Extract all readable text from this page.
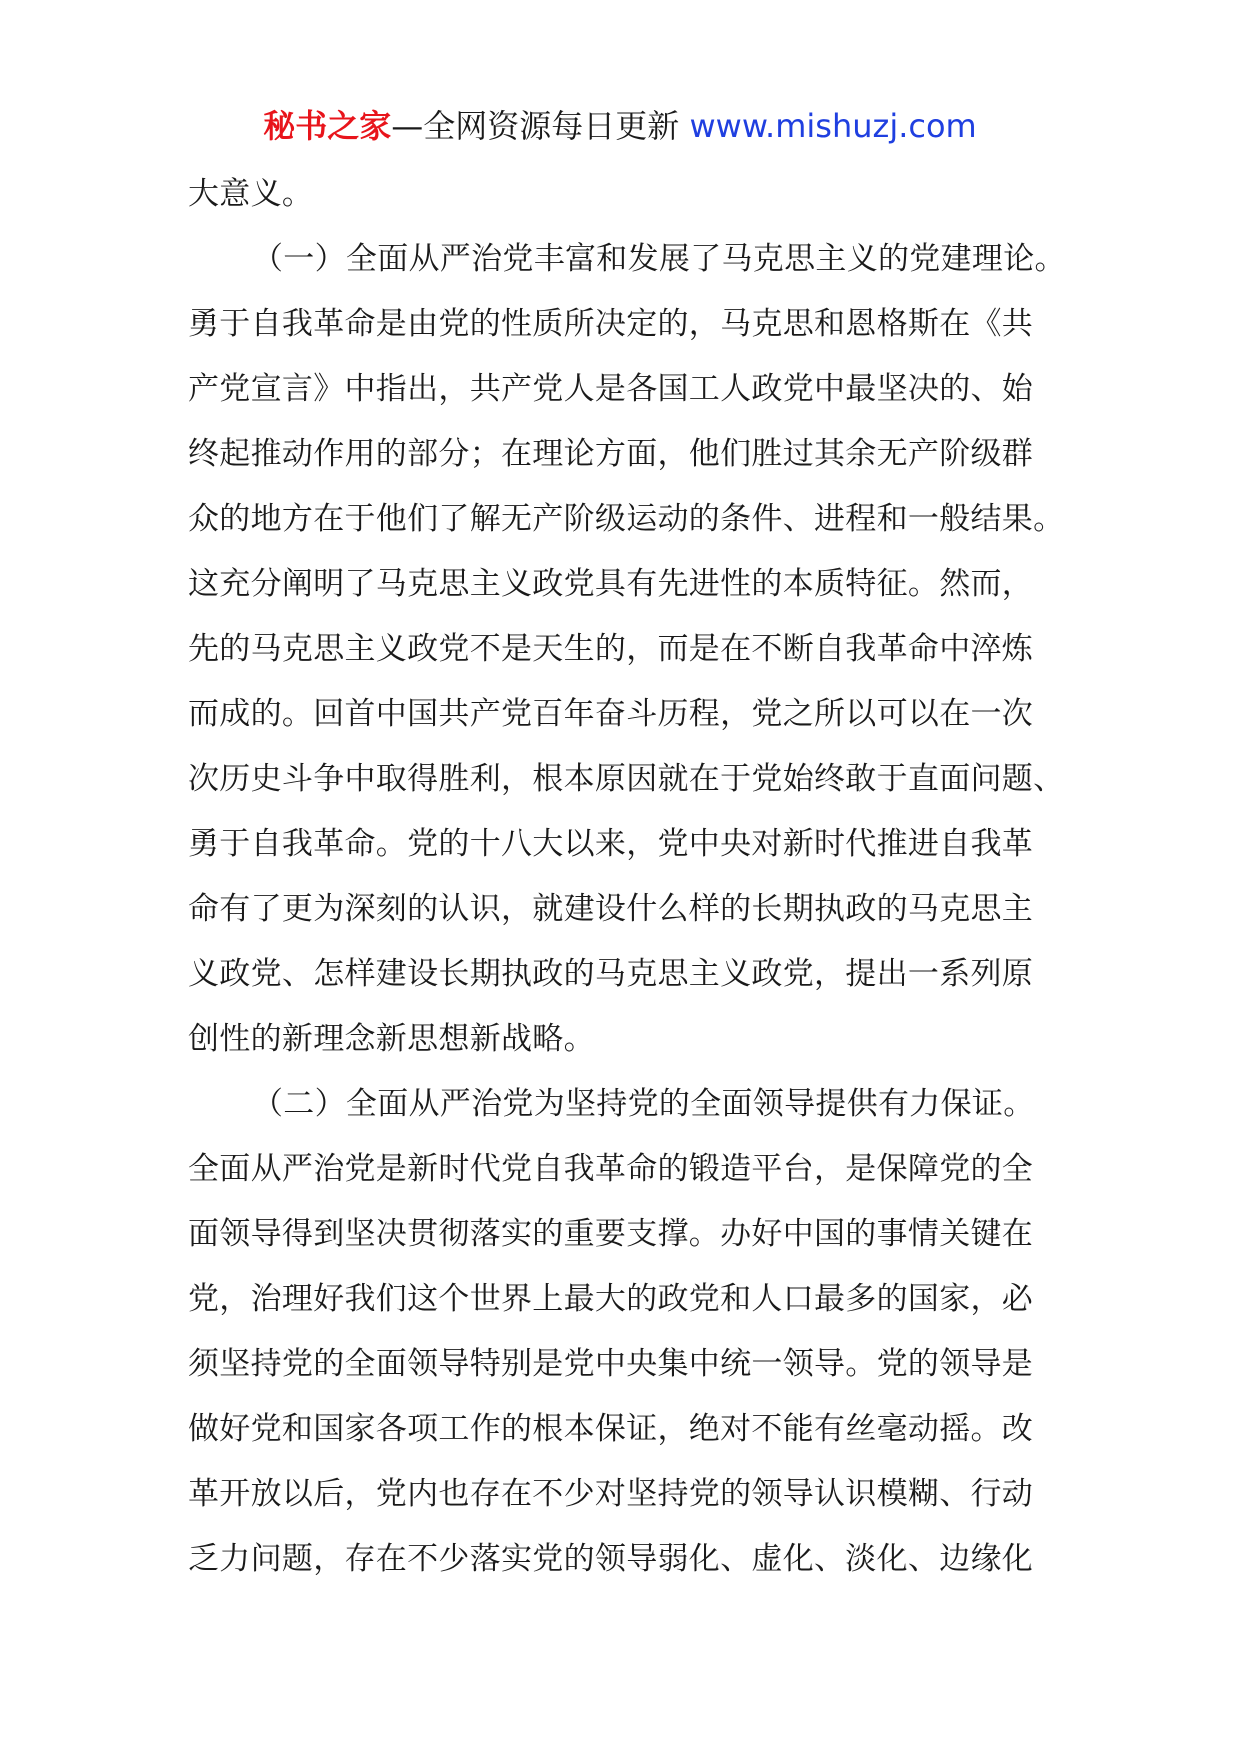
秘书之家—全网资源每日更新 www.mishuzj.com
大意义。
（一）全面从严治党丰富和发展了马克思主义的党建理论。
勇于自我革命是由党的性质所决定的，马克思和恩格斯在《共
产党宣言》中指出，共产党人是各国工人政党中最坚决的、始
终起推动作用的部分；在理论方面，他们胜过其余无产阶级群
众的地方在于他们了解无产阶级运动的条件、进程和一般结果。
这充分阐明了马克思主义政党具有先进性的本质特征。然而，
先的马克思主义政党不是天生的，而是在不断自我革命中淬炼
而成的。回首中国共产党百年奋斗历程，党之所以可以在一次
次历史斗争中取得胜利，根本原因就在于党始终敢于直面问题、
勇于自我革命。党的十八大以来，党中央对新时代推进自我革
命有了更为深刻的认识，就建设什么样的长期执政的马克思主
义政党、怎样建设长期执政的马克思主义政党，提出一系列原
创性的新理念新思想新战略。
（二）全面从严治党为坚持党的全面领导提供有力保证。
全面从严治党是新时代党自我革命的锻造平台，是保障党的全
面领导得到坚决贯彻落实的重要支撑。办好中国的事情关键在
党，治理好我们这个世界上最大的政党和人口最多的国家，必
须坚持党的全面领导特别是党中央集中统一领导。党的领导是
做好党和国家各项工作的根本保证，绝对不能有丝毫动摇。改
革开放以后，党内也存在不少对坚持党的领导认识模糊、行动
乏力问题，存在不少落实党的领导弱化、虚化、淡化、边缘化
